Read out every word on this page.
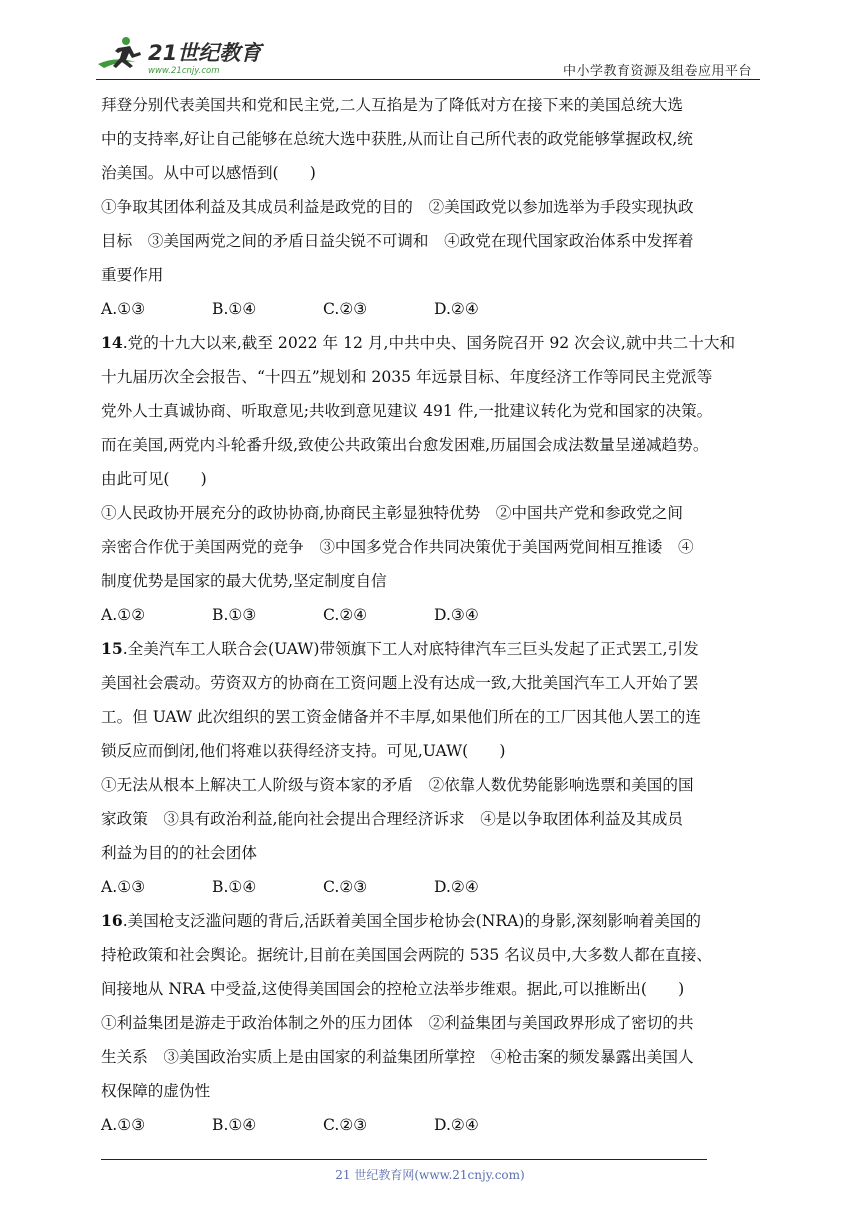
21世纪教育
www.21cnjy.com	中小学教育资源及组卷应用平台

拜登分别代表美国共和党和民主党,二人互掐是为了降低对方在接下来的美国总统大选

中的支持率,好让自己能够在总统大选中获胜,从而让自己所代表的政党能够掌握政权,统

治美国。从中可以感悟到(　　)

①争取其团体利益及其成员利益是政党的目的　②美国政党以参加选举为手段实现执政

目标　③美国两党之间的矛盾日益尖锐不可调和　④政党在现代国家政治体系中发挥着

重要作用

A.①③	B.①④	C.②③	D.②④

14.党的十九大以来,截至 2022 年 12 月,中共中央、国务院召开 92 次会议,就中共二十大和

十九届历次全会报告、“十四五”规划和 2035 年远景目标、年度经济工作等同民主党派等

党外人士真诚协商、听取意见;共收到意见建议 491 件,一批建议转化为党和国家的决策。

而在美国,两党内斗轮番升级,致使公共政策出台愈发困难,历届国会成法数量呈递减趋势。

由此可见(　　)

①人民政协开展充分的政协协商,协商民主彰显独特优势　②中国共产党和参政党之间

亲密合作优于美国两党的竞争　③中国多党合作共同决策优于美国两党间相互推诿　④

制度优势是国家的最大优势,坚定制度自信

A.①②	B.①③	C.②④	D.③④

15.全美汽车工人联合会(UAW)带领旗下工人对底特律汽车三巨头发起了正式罢工,引发

美国社会震动。劳资双方的协商在工资问题上没有达成一致,大批美国汽车工人开始了罢

工。但 UAW 此次组织的罢工资金储备并不丰厚,如果他们所在的工厂因其他人罢工的连

锁反应而倒闭,他们将难以获得经济支持。可见,UAW(　　)

①无法从根本上解决工人阶级与资本家的矛盾　②依靠人数优势能影响选票和美国的国

家政策　③具有政治利益,能向社会提出合理经济诉求　④是以争取团体利益及其成员

利益为目的的社会团体

A.①③	B.①④	C.②③	D.②④

16.美国枪支泛滥问题的背后,活跃着美国全国步枪协会(NRA)的身影,深刻影响着美国的

持枪政策和社会舆论。据统计,目前在美国国会两院的 535 名议员中,大多数人都在直接、

间接地从 NRA 中受益,这使得美国国会的控枪立法举步维艰。据此,可以推断出(　　)

①利益集团是游走于政治体制之外的压力团体　②利益集团与美国政界形成了密切的共

生关系　③美国政治实质上是由国家的利益集团所掌控　④枪击案的频发暴露出美国人

权保障的虚伪性

A.①③	B.①④	C.②③	D.②④
21 世纪教育网(www.21cnjy.com)
